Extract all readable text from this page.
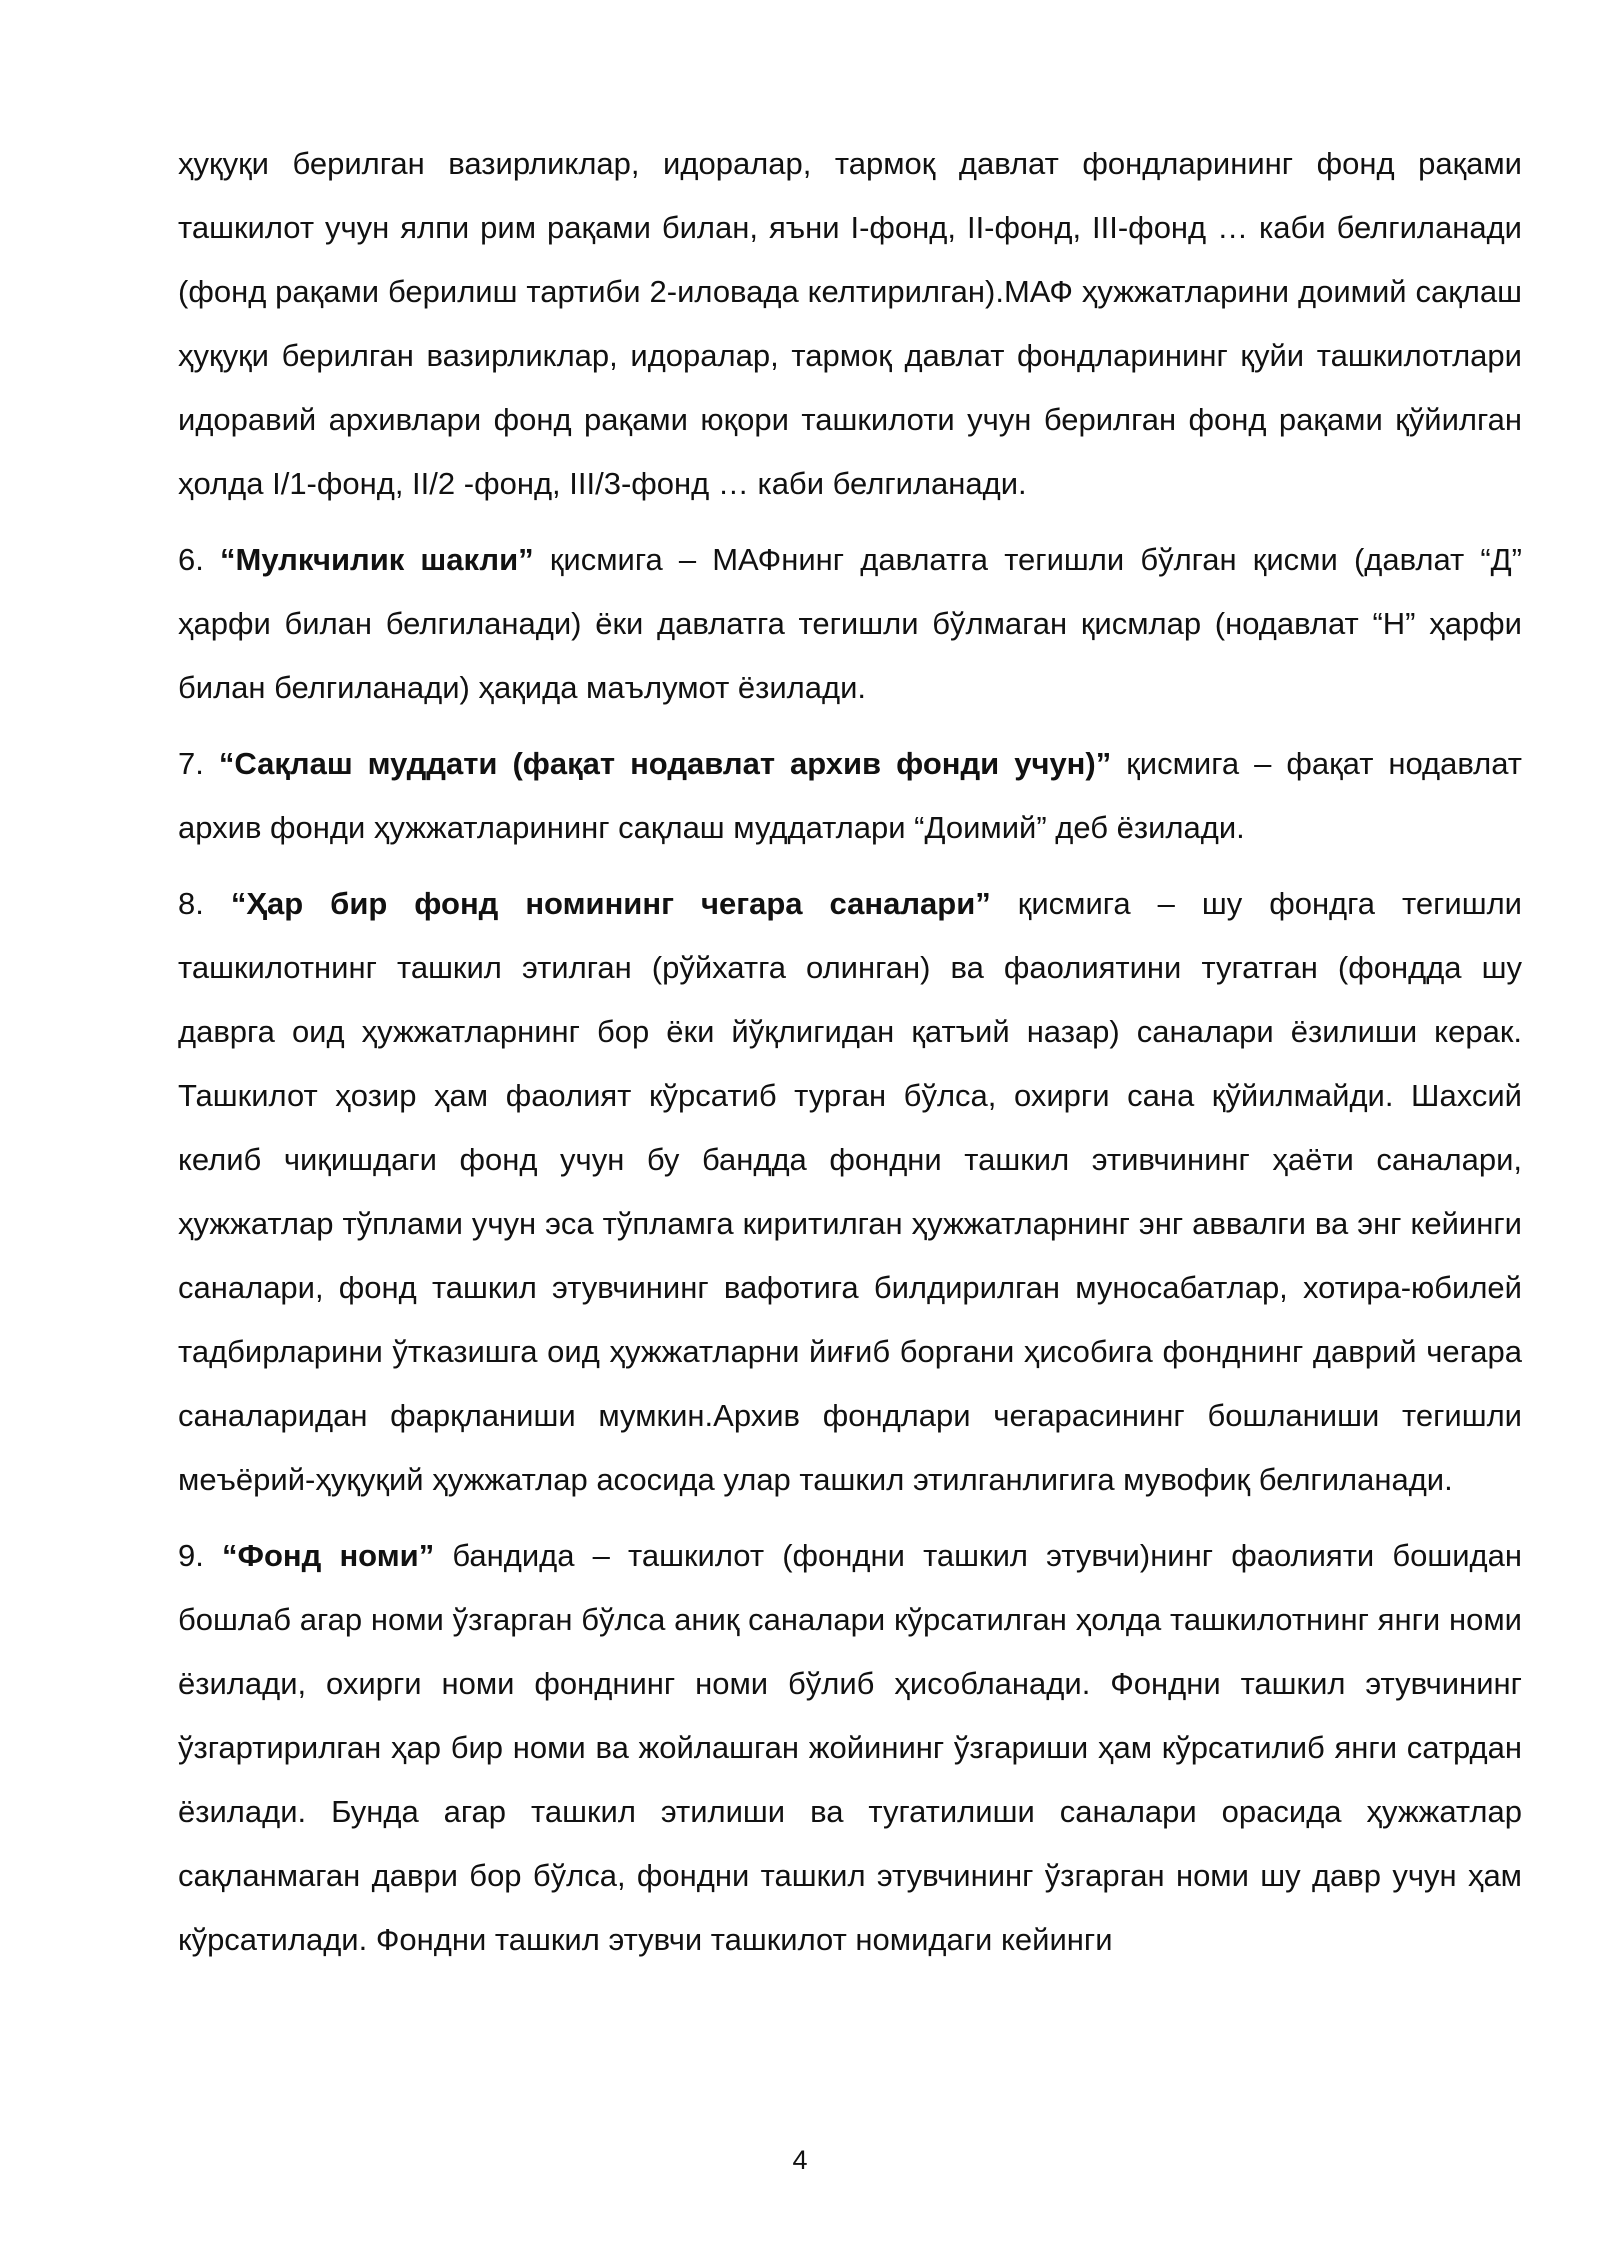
ҳуқуқи берилган вазирликлар, идоралар, тармоқ давлат фондларининг фонд рақами ташкилот учун ялпи рим рақами билан, яъни I-фонд, II-фонд, III-фонд … каби белгиланади (фонд рақами берилиш тартиби 2-иловада келтирилган).МАФ ҳужжатларини доимий сақлаш ҳуқуқи берилган вазирликлар, идоралар, тармоқ давлат фондларининг қуйи ташкилотлари идоравий архивлари фонд рақами юқори ташкилоти учун берилган фонд рақами қўйилган ҳолда I/1-фонд, II/2 -фонд, III/3-фонд … каби белгиланади.

6. “Мулкчилик шакли” қисмига – МАФнинг давлатга тегишли бўлган қисми (давлат “Д” ҳарфи билан белгиланади) ёки давлатга тегишли бўлмаган қисмлар (нодавлат “Н” ҳарфи билан белгиланади) ҳақида маълумот ёзилади.

7. “Сақлаш муддати (фақат нодавлат архив фонди учун)” қисмига – фақат нодавлат архив фонди ҳужжатларининг сақлаш муддатлари “Доимий” деб ёзилади.

8. “Ҳар бир фонд номининг чегара саналари” қисмига – шу фондга тегишли ташкилотнинг ташкил этилган (рўйхатга олинган) ва фаолиятини тугатган (фондда шу даврга оид ҳужжатларнинг бор ёки йўқлигидан қатъий назар) саналари ёзилиши керак. Ташкилот ҳозир ҳам фаолият кўрсатиб турган бўлса, охирги сана қўйилмайди. Шахсий келиб чиқишдаги фонд учун бу бандда фондни ташкил этивчининг ҳаёти саналари, ҳужжатлар тўплами учун эса тўпламга киритилган ҳужжатларнинг энг аввалги ва энг кейинги саналари, фонд ташкил этувчининг вафотига билдирилган муносабатлар, хотира-юбилей тадбирларини ўтказишга оид ҳужжатларни йиғиб боргани ҳисобига фонднинг даврий чегара саналаридан фарқланиши мумкин.Архив фондлари чегарасининг бошланиши тегишли меъёрий-ҳуқуқий ҳужжатлар асосида улар ташкил этилганлигига мувофиқ белгиланади.

9. “Фонд номи” бандида – ташкилот (фондни ташкил этувчи)нинг фаолияти бошидан бошлаб агар номи ўзгарган бўлса аниқ саналари кўрсатилган ҳолда ташкилотнинг янги номи ёзилади, охирги номи фонднинг номи бўлиб ҳисобланади. Фондни ташкил этувчининг ўзгартирилган ҳар бир номи ва жойлашган жойининг ўзгариши ҳам кўрсатилиб янги сатрдан ёзилади. Бунда агар ташкил этилиши ва тугатилиши саналари орасида ҳужжатлар сақланмаган даври бор бўлса, фондни ташкил этувчининг ўзгарган номи шу давр учун ҳам кўрсатилади. Фондни ташкил этувчи ташкилот номидаги кейинги

4
